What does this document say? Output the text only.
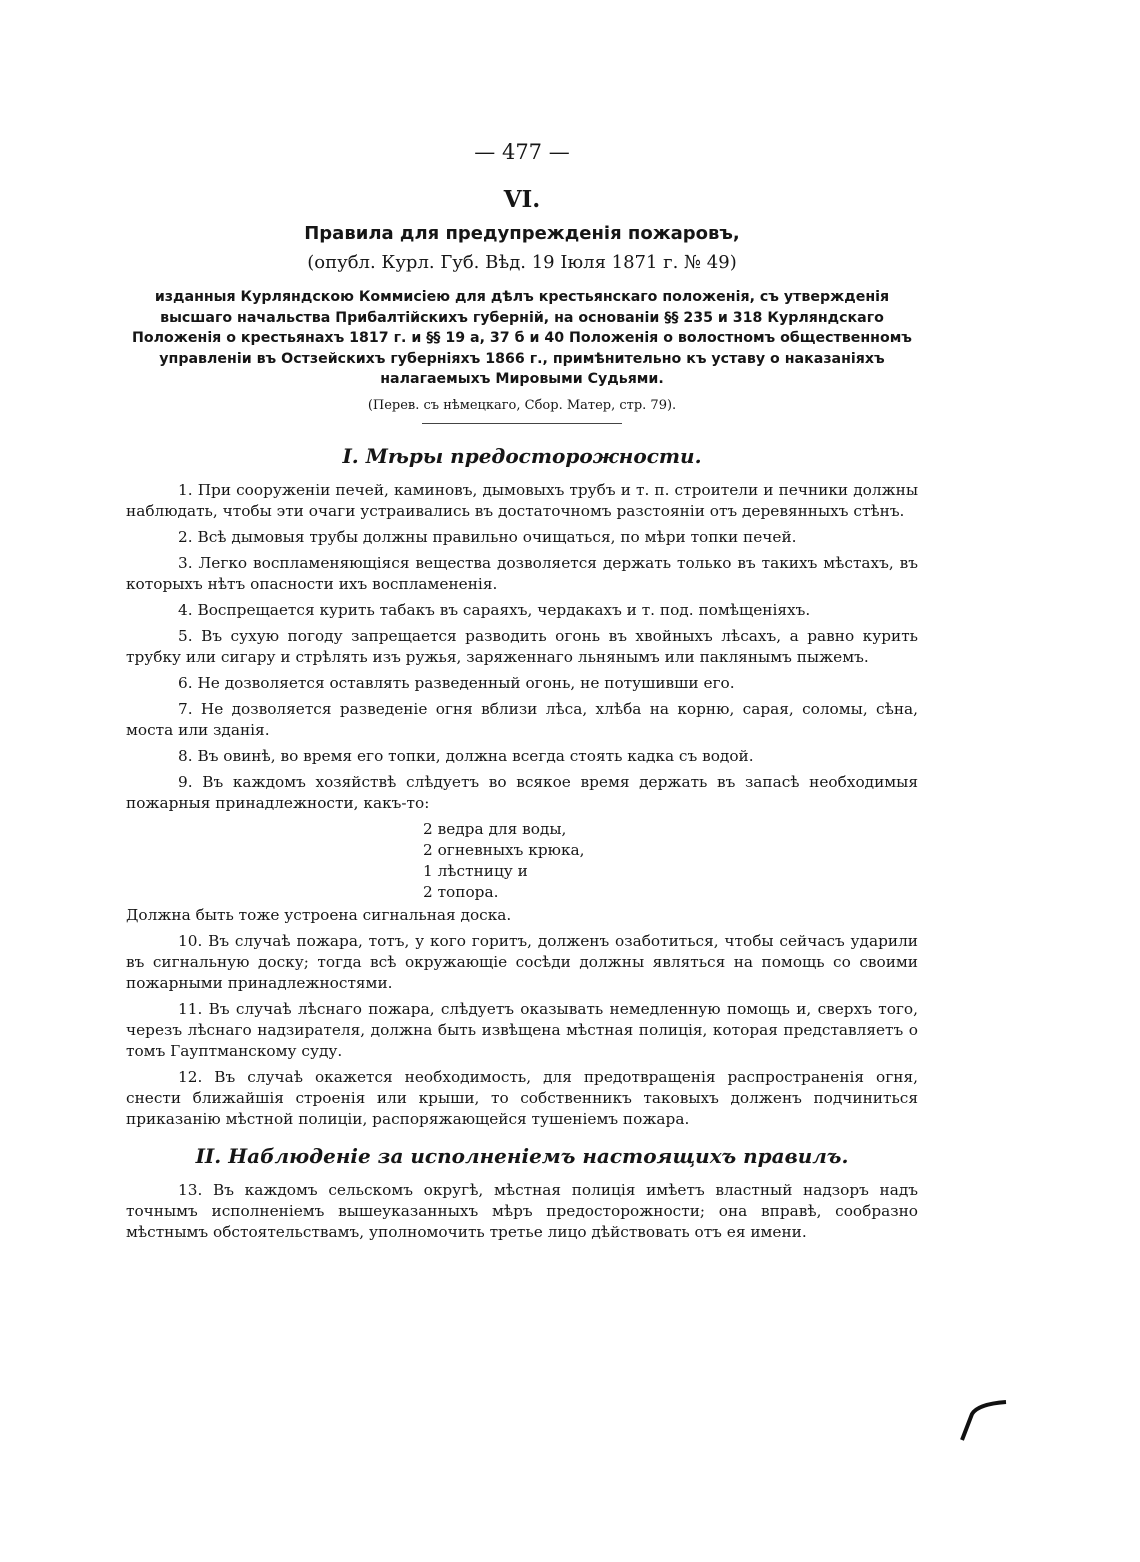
— 477 —
VI.
Правила для предупрежденія пожаровъ,
(опубл. Курл. Губ. Вѣд. 19 Іюля 1871 г. № 49)
изданныя Курляндскою Коммисіею для дѣлъ крестьянскаго положенія, съ утвержденія высшаго начальства Прибалтійскихъ губерній, на основаніи §§ 235 и 318 Курляндскаго Положенія о крестьянахъ 1817 г. и §§ 19 а, 37 б и 40 Положенія о волостномъ общественномъ управленіи въ Остзейскихъ губерніяхъ 1866 г., примѣнительно къ уставу о наказаніяхъ налагаемыхъ Мировыми Судьями.
(Перев. съ нѣмецкаго, Сбор. Матер, стр. 79).
I. Мѣры предосторожности.

1. При сооруженіи печей, каминовъ, дымовыхъ трубъ и т. п. строители и печники должны наблюдать, чтобы эти очаги устраивались въ достаточномъ разстояніи отъ деревянныхъ стѣнъ.

2. Всѣ дымовыя трубы должны правильно очищаться, по мѣри топки печей.

3. Легко воспламеняющіяся вещества дозволяется держать только въ такихъ мѣстахъ, въ которыхъ нѣтъ опасности ихъ воспламененія.

4. Воспрещается курить табакъ въ сараяхъ, чердакахъ и т. под. помѣщеніяхъ.

5. Въ сухую погоду запрещается разводить огонь въ хвойныхъ лѣсахъ, а равно курить трубку или сигару и стрѣлять изъ ружья, заряженнаго льнянымъ или паклянымъ пыжемъ.

6. Не дозволяется оставлять разведенный огонь, не потушивши его.

7. Не дозволяется разведеніе огня вблизи лѣса, хлѣба на корню, сарая, соломы, сѣна, моста или зданія.

8. Въ овинѣ, во время его топки, должна всегда стоять кадка съ водой.

9. Въ каждомъ хозяйствѣ слѣдуетъ во всякое время держать въ запасѣ необходимыя пожарныя принадлежности, какъ-то:

2 ведра для воды,
2 огневныхъ крюка,
1 лѣстницу и
2 топора.

Должна быть тоже устроена сигнальная доска.

10. Въ случаѣ пожара, тотъ, у кого горитъ, долженъ озаботиться, чтобы сейчасъ ударили въ сигнальную доску; тогда всѣ окружающіе сосѣди должны являться на помощь со своими пожарными принадлежностями.

11. Въ случаѣ лѣснаго пожара, слѣдуетъ оказывать немедленную помощь и, сверхъ того, черезъ лѣснаго надзирателя, должна быть извѣщена мѣстная полиція, которая представляетъ о томъ Гауптманскому суду.

12. Въ случаѣ окажется необходимость, для предотвращенія распространенія огня, снести ближайшія строенія или крыши, то собственникъ таковыхъ долженъ подчиниться приказанію мѣстной полиціи, распоряжающейся тушеніемъ пожара.

II. Наблюденіе за исполненіемъ настоящихъ правилъ.

13. Въ каждомъ сельскомъ округѣ, мѣстная полиція имѣетъ властный надзоръ надъ точнымъ исполненіемъ вышеуказанныхъ мѣръ предосторожности; она вправѣ, сообразно мѣстнымъ обстоятельствамъ, уполномочить третье лицо дѣйствовать отъ ея имени.
